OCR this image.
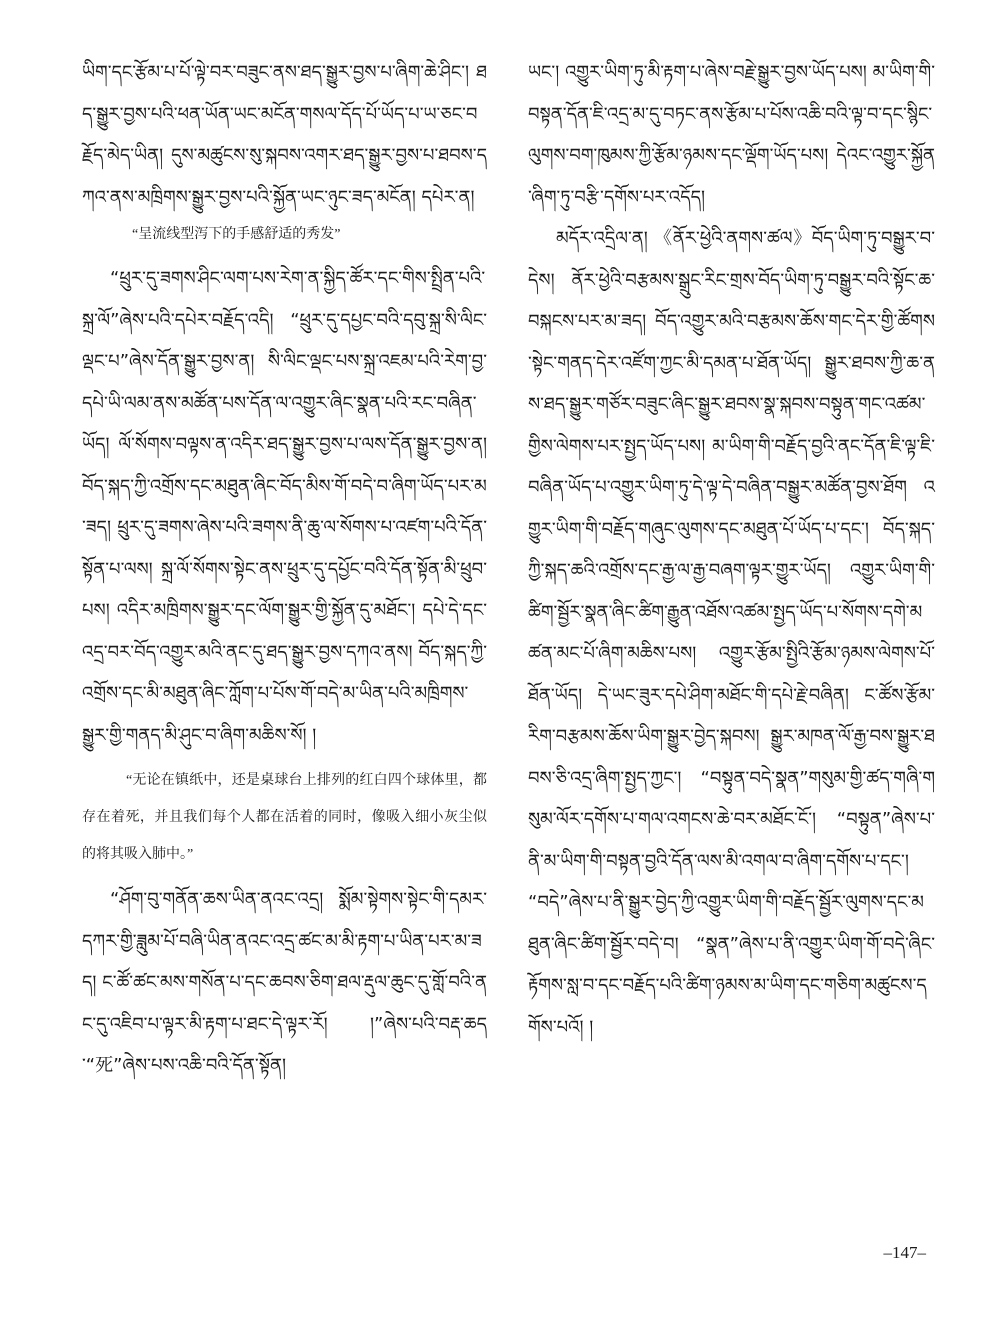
ཡིག་དང་རྩོམ་པ་པོ་ལྟེ་བར་བཟུང་ནས་ཐད་སྒྱུར་བྱས་པ་ཞིག་ཆེ་ཤིང་། ཐད་སྒྱུར་བྱས་པའི་ཕན་ཡོན་ཡང་མངོན་གསལ་དོད་པོ་ཡོད་པ་ཡ་ཅང་བརྗོད་མེད་ཡིན། དུས་མཚུངས་སུ་སྐབས་འགར་ཐད་སྒྱུར་བྱས་པ་ཐབས་དཀའ་ནས་མཁྲིགས་སྒྱུར་བྱས་པའི་སྐྱོན་ཡང་ཉུང་ཟད་མངོན། དཔེར་ན།

“呈流线型泻下的手感舒适的秀发”

“ཕྲུར་དུ་ཟགས་ཤིང་ལག་པས་རེག་ན་སྐྱིད་ཚོར་དང་གིས་སྤྲིན་པའི་སྐྲ་ལོ”ཞེས་པའི་དཔེར་བརྗོད་འདི། “ཕྲུར་དུ་དཔྱང་བའི་དབུ་སྐྲ་སི་ལིང་ལྡང་པ”ཞེས་དོན་སྒྱུར་བྱས་ན། སི་ལིང་ལྡང་པས་སྐྲ་འཇམ་པའི་རེག་བྱ་དཔེ་ཡི་ལམ་ནས་མཚོན་པས་དོན་ལ་འགྱུར་ཞིང་སྣན་པའི་རང་བཞིན་ཡོད། ལོ་སོགས་བལྟས་ན་འདིར་ཐད་སྒྱུར་བྱས་པ་ལས་དོན་སྒྱུར་བྱས་ན། བོད་སྐད་ཀྱི་འགྲོས་དང་མཐུན་ཞིང་བོད་མིས་གོ་བདེ་བ་ཞིག་ཡོད་པར་མ་ཟད། ཕྲུར་དུ་ཟགས་ཞེས་པའི་ཟགས་ནི་ཆུ་ལ་སོགས་པ་འཛག་པའི་དོན་སྟོན་པ་ལས། སྐྲ་ལོ་སོགས་སྟེང་ནས་ཕྲུར་དུ་དཔྱོང་བའི་དོན་སྟོན་མི་ཕྲུབ་པས། འདིར་མཁྲིགས་སྒྱུར་དང་ལོག་སྒྱུར་གྱི་སྐྱོན་དུ་མཐོང་། དཔེ་དེ་དང་འདྲ་བར་བོད་འགྱུར་མའི་ནང་དུ་ཐད་སྒྱུར་བྱས་དཀའ་ནས། བོད་སྐད་ཀྱི་འགྲོས་དང་མི་མཐུན་ཞིང་ཀློག་པ་པོས་གོ་བདེ་མ་ཡིན་པའི་མཁྲིགས་སྒྱུར་གྱི་གནད་མི་ཤུང་བ་ཞིག་མཆིས་སོ། །

“无论在镇纸中，还是桌球台上排列的红白四个球体里，都存在着死，并且我们每个人都在活着的同时，像吸入细小灰尘似的将其吸入肺中。”

“ཤོག་བུ་གནོན་ཆས་ཡིན་ནའང་འདྲ། སྨོམ་སྟེགས་སྟེང་གི་དམར་དཀར་གྱི་ཟླུམ་པོ་བཞི་ཡིན་ནའང་འདྲ་ཚང་མ་མི་རྟག་པ་ཡིན་པར་མ་ཟད། ང་ཚོ་ཚང་མས་གསོན་པ་དང་ཆབས་ཅིག་ཐལ་རྡུལ་ཆུང་དུ་གློ་བའི་ནང་དུ་འཇིབ་པ་ལྟར་མི་རྟག་པ་ཐང་དེ་ལྟར་རོ། །”ཞེས་པའི་བརྡ་ཆད་“死”ཞེས་པས་འཆི་བའི་དོན་སྟོན།

ཡང་། འགྱུར་ཡིག་ཏུ་མི་རྟག་པ་ཞེས་བརྗེ་སྒྱུར་བྱས་ཡོད་པས། མ་ཡིག་གི་བསྟན་དོན་ཇི་འདྲ་མ་དུ་བཏང་ནས་རྩོམ་པ་པོས་འཆི་བའི་ལྟ་བ་དང་སྙིང་ལུགས་བག་ཁུམས་ཀྱི་རྩོམ་ཉམས་དང་ལྡོག་ཡོད་པས། དེའང་འགྱུར་སྐྱོན་ཞིག་ཏུ་བརྩི་དགོས་པར་འདོད།

མདོར་འདྲིལ་ན། 《ནོར་ཕྱེའི་ནགས་ཚལ》བོད་ཡིག་ཏུ་བསྒྱུར་བ་དེས། ནོར་ཕྱེའི་བརྩམས་སྒྲུང་རིང་གྲས་བོད་ཡིག་ཏུ་བསྒྱུར་བའི་སྟོང་ཆ་བསྐངས་པར་མ་ཟད། བོད་འགྱུར་མའི་བརྩམས་ཆོས་གང་དེར་གྱི་ཚོགས་སྟེང་གནད་དེར་འཛོག་ཀྱང་མི་དམན་པ་ཐོན་ཡོད། སྒྱུར་ཐབས་ཀྱི་ཆ་ནས་ཐད་སྒྱུར་གཙོར་བཟུང་ཞིང་སྒྱུར་ཐབས་སྣ་སྐབས་བསྟུན་གང་འཚམ་གྱིས་ལེགས་པར་སྤྱད་ཡོད་པས། མ་ཡིག་གི་བརྗོད་བྱའི་ནང་དོན་ཇི་ལྟ་ཇི་བཞིན་ཡོད་པ་འགྱུར་ཡིག་ཏུ་དེ་ལྟ་དེ་བཞིན་བསྒྱུར་མཚོན་བྱས་ཐོག འགྱུར་ཡིག་གི་བརྗོད་གཞུང་ལུགས་དང་མཐུན་པོ་ཡོད་པ་དང་། བོད་སྐད་ཀྱི་སྐད་ཆའི་འགྲོས་དང་རྒྱ་ལ་རྒྱ་བཞག་ལྟར་གྱུར་ཡོད། འགྱུར་ཡིག་གི་ཚིག་སྦྱོར་སྣན་ཞིང་ཚིག་རྒྱུན་འཐོས་འཚམ་སྤྱད་ཡོད་པ་སོགས་དགེ་མཚན་མང་པོ་ཞིག་མཆིས་པས། འགྱུར་རྩོམ་སྤྱིའི་རྩོམ་ཉམས་ལེགས་པོ་ཐོན་ཡོད། དེ་ཡང་ཟུར་དཔེ་ཤིག་མཐོང་གི་དཔེ་རྗེ་བཞིན། ང་ཚོས་རྩོམ་རིག་བརྩམས་ཆོས་ཡིག་སྒྱུར་བྱེད་སྐབས། སྒྱུར་མཁན་ལོ་རྒྱ་བས་སྒྱུར་ཐབས་ཅི་འདྲ་ཞིག་སྤྱད་ཀྱང་། “བསྟུན་བདེ་སྣན”གསུམ་གྱི་ཚད་གཞི་གསུམ་ལོར་དགོས་པ་གལ་འགངས་ཆེ་བར་མཐོང་ངོ་། “བསྟུན”ཞེས་པ་ནི་མ་ཡིག་གི་བསྟན་བྱའི་དོན་ལས་མི་འགལ་བ་ཞིག་དགོས་པ་དང་། “བདེ”ཞེས་པ་ནི་སྒྱུར་བྱེད་ཀྱི་འགྱུར་ཡིག་གི་བརྗོད་སྦྱོར་ལུགས་དང་མཐུན་ཞིང་ཚིག་སྦྱོར་བདེ་བ། “སྣན”ཞེས་པ་ནི་འགྱུར་ཡིག་གོ་བདེ་ཞིང་རྟོགས་སླ་བ་དང་བརྗོད་པའི་ཚིག་ཉམས་མ་ཡིག་དང་གཅིག་མཚུངས་དགོས་པའོ། །

–147–
